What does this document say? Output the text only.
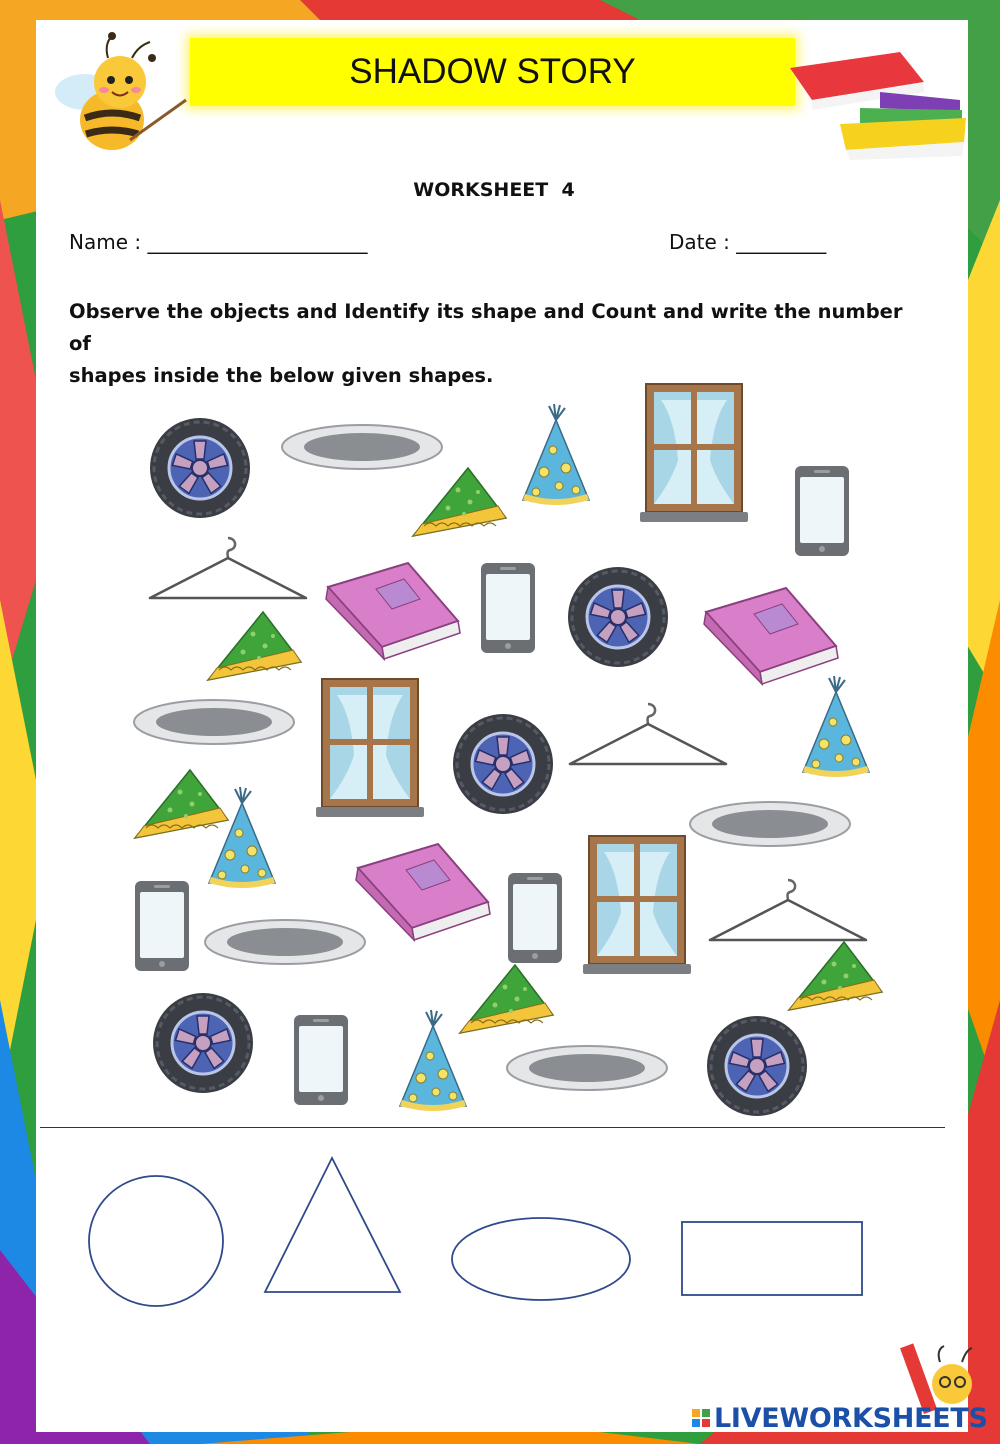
SHADOW STORY
WORKSHEET  4
Name : ______________________	Date : _________
Observe the objects and Identify its shape and Count and write the number of
shapes inside the below given shapes.
LIVEWORKSHEETS
